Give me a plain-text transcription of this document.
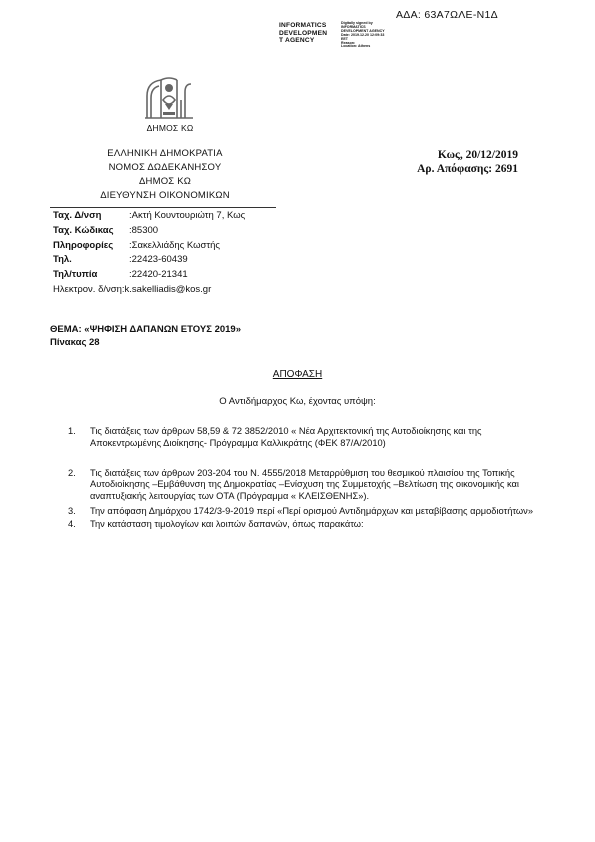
ΑΔΑ: 63Α7ΩΛΕ-Ν1Δ
INFORMATICS
DEVELOPMEN
T AGENCY
Digitally signed by
INFORMATICS
DEVELOPMENT AGENCY
Date: 2019.12.20 12:09:33
EET
Reason:
Location: Athens
ΔΗΜΟΣ ΚΩ
ΕΛΛΗΝΙΚΗ ΔΗΜΟΚΡΑΤΙΑ
ΝΟΜΟΣ ΔΩΔΕΚΑΝΗΣΟΥ
ΔΗΜΟΣ ΚΩ
ΔΙΕΥΘΥΝΣΗ ΟΙΚΟΝΟΜΙΚΩΝ
Κως, 20/12/2019
Αρ. Απόφασης: 2691
Ταχ. Δ/νση	:Ακτή Κουντουριώτη 7, Κως
Ταχ. Κώδικας :85300
Πληροφορίες :Σακελλιάδης Κωστής
Τηλ.	:22423-60439
Τηλ/τυπία	:22420-21341
Ηλεκτρον. δ/νση:k.sakelliadis@kos.gr
ΘΕΜΑ: «ΨΗΦΙΣΗ ΔΑΠΑΝΩΝ ΕΤΟΥΣ 2019»
Πίνακας 28
ΑΠΟΦΑΣΗ
Ο Αντιδήμαρχος Κω, έχοντας υπόψη:
1. Τις διατάξεις των άρθρων 58,59 & 72 3852/2010 « Νέα Αρχιτεκτονική της Αυτοδιοίκησης και της Αποκεντρωμένης Διοίκησης- Πρόγραμμα Καλλικράτης (ΦΕΚ 87/Α/2010)
2. Τις διατάξεις των άρθρων 203-204 του Ν. 4555/2018 Μεταρρύθμιση του θεσμικού πλαισίου της Τοπικής Αυτοδιοίκησης –Εμβάθυνση της Δημοκρατίας –Ενίσχυση της Συμμετοχής –Βελτίωση της οικονομικής και αναπτυξιακής λειτουργίας των ΟΤΑ (Πρόγραμμα « ΚΛΕΙΣΘΕΝΗΣ»).
3. Την απόφαση Δημάρχου 1742/3-9-2019 περί «Περί ορισμού Αντιδημάρχων και μεταβίβασης αρμοδιοτήτων»
4. Την κατάσταση τιμολογίων και λοιπών δαπανών, όπως παρακάτω:
